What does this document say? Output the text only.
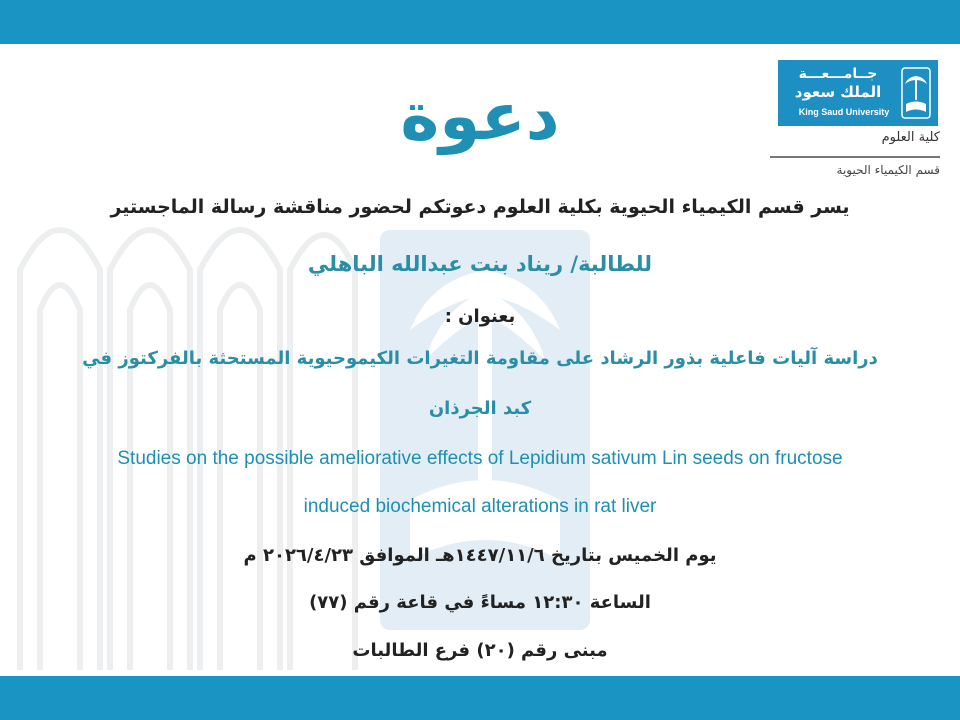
دعوة
جــامـــعـــة
الملك سعود
King Saud University
كلية العلوم
قسم الكيمياء الحيوية
يسر قسم الكيمياء الحيوية بكلية العلوم دعوتكم لحضور مناقشة رسالة الماجستير
للطالبة/ ريناد بنت عبدالله الباهلي
بعنوان :
دراسة آليات فاعلية بذور الرشاد على مقاومة التغيرات الكيموحيوية المستحثة بالفركتوز في
كبد الجرذان
Studies on the possible ameliorative effects of Lepidium sativum Lin seeds on fructose
induced biochemical alterations in rat liver
يوم الخميس بتاريخ ١٤٤٧/١١/٦هـ الموافق ٢٠٢٦/٤/٢٣ م
الساعة ١٢:٣٠ مساءً في قاعة رقم (٧٧)
مبنى رقم (٢٠) فرع الطالبات
